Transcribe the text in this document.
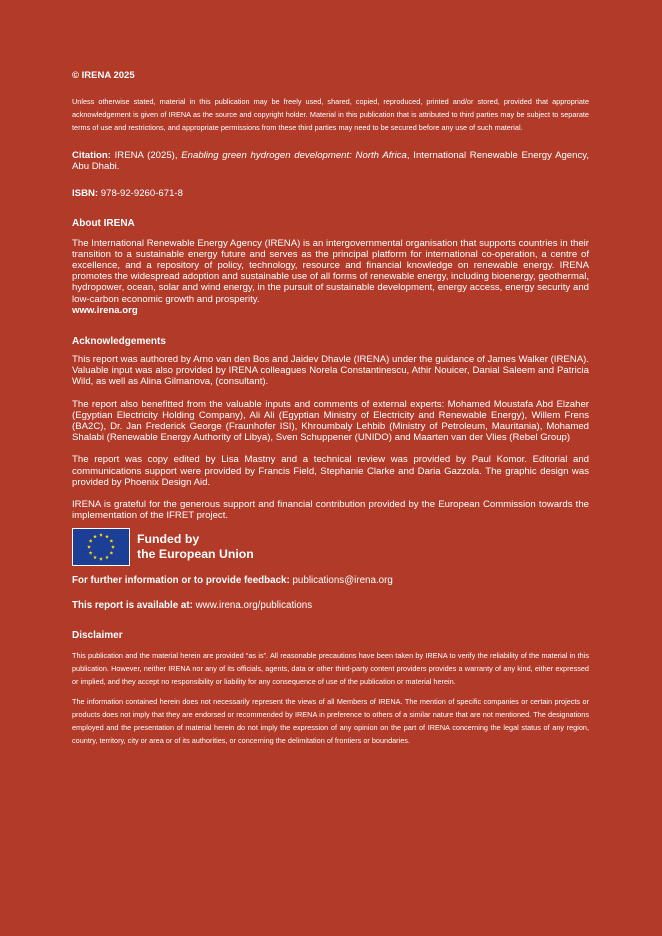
© IRENA 2025

Unless otherwise stated, material in this publication may be freely used, shared, copied, reproduced, printed and/or stored, provided that appropriate acknowledgement is given of IRENA as the source and copyright holder. Material in this publication that is attributed to third parties may be subject to separate terms of use and restrictions, and appropriate permissions from these third parties may need to be secured before any use of such material.

Citation: IRENA (2025), Enabling green hydrogen development: North Africa, International Renewable Energy Agency, Abu Dhabi.

ISBN: 978-92-9260-671-8

About IRENA

The International Renewable Energy Agency (IRENA) is an intergovernmental organisation that supports countries in their transition to a sustainable energy future and serves as the principal platform for international co-operation, a centre of excellence, and a repository of policy, technology, resource and financial knowledge on renewable energy. IRENA promotes the widespread adoption and sustainable use of all forms of renewable energy, including bioenergy, geothermal, hydropower, ocean, solar and wind energy, in the pursuit of sustainable development, energy access, energy security and low-carbon economic growth and prosperity.

www.irena.org

Acknowledgements

This report was authored by Arno van den Bos and Jaidev Dhavle (IRENA) under the guidance of James Walker (IRENA). Valuable input was also provided by IRENA colleagues Norela Constantinescu, Athir Nouicer, Danial Saleem and Patricia Wild, as well as Alina Gilmanova, (consultant).

The report also benefitted from the valuable inputs and comments of external experts: Mohamed Moustafa Abd Elzaher (Egyptian Electricity Holding Company), Ali Ali (Egyptian Ministry of Electricity and Renewable Energy), Willem Frens (BA2C), Dr. Jan Frederick George (Fraunhofer ISI), Khroumbaly Lehbib (Ministry of Petroleum, Mauritania), Mohamed Shalabi (Renewable Energy Authority of Libya), Sven Schuppener (UNIDO) and Maarten van der Vlies (Rebel Group)

The report was copy edited by Lisa Mastny and a technical review was provided by Paul Komor. Editorial and communications support were provided by Francis Field, Stephanie Clarke and Daria Gazzola. The graphic design was provided by Phoenix Design Aid.

IRENA is grateful for the generous support and financial contribution provided by the European Commission towards the implementation of the IFRET project.

Funded by
the European Union

For further information or to provide feedback: publications@irena.org

This report is available at: www.irena.org/publications

Disclaimer

This publication and the material herein are provided “as is”. All reasonable precautions have been taken by IRENA to verify the reliability of the material in this publication. However, neither IRENA nor any of its officials, agents, data or other third-party content providers provides a warranty of any kind, either expressed or implied, and they accept no responsibility or liability for any consequence of use of the publication or material herein.

The information contained herein does not necessarily represent the views of all Members of IRENA. The mention of specific companies or certain projects or products does not imply that they are endorsed or recommended by IRENA in preference to others of a similar nature that are not mentioned. The designations employed and the presentation of material herein do not imply the expression of any opinion on the part of IRENA concerning the legal status of any region, country, territory, city or area or of its authorities, or concerning the delimitation of frontiers or boundaries.
